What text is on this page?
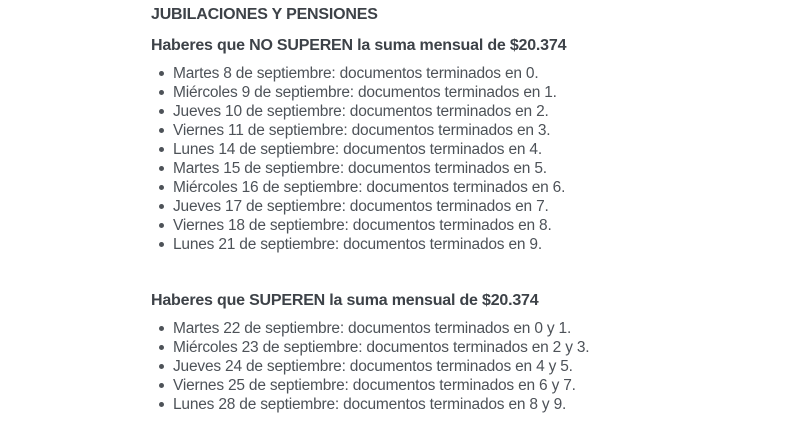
JUBILACIONES Y PENSIONES
Haberes que NO SUPEREN la suma mensual de $20.374
Martes 8 de septiembre: documentos terminados en 0.
Miércoles 9 de septiembre: documentos terminados en 1.
Jueves 10 de septiembre: documentos terminados en 2.
Viernes 11 de septiembre: documentos terminados en 3.
Lunes 14 de septiembre: documentos terminados en 4.
Martes 15 de septiembre: documentos terminados en 5.
Miércoles 16 de septiembre: documentos terminados en 6.
Jueves 17 de septiembre: documentos terminados en 7.
Viernes 18 de septiembre: documentos terminados en 8.
Lunes 21 de septiembre: documentos terminados en 9.
Haberes que SUPEREN la suma mensual de $20.374
Martes 22 de septiembre: documentos terminados en 0 y 1.
Miércoles 23 de septiembre: documentos terminados en 2 y 3.
Jueves 24 de septiembre: documentos terminados en 4 y 5.
Viernes 25 de septiembre: documentos terminados en 6 y 7.
Lunes 28 de septiembre: documentos terminados en 8 y 9.
